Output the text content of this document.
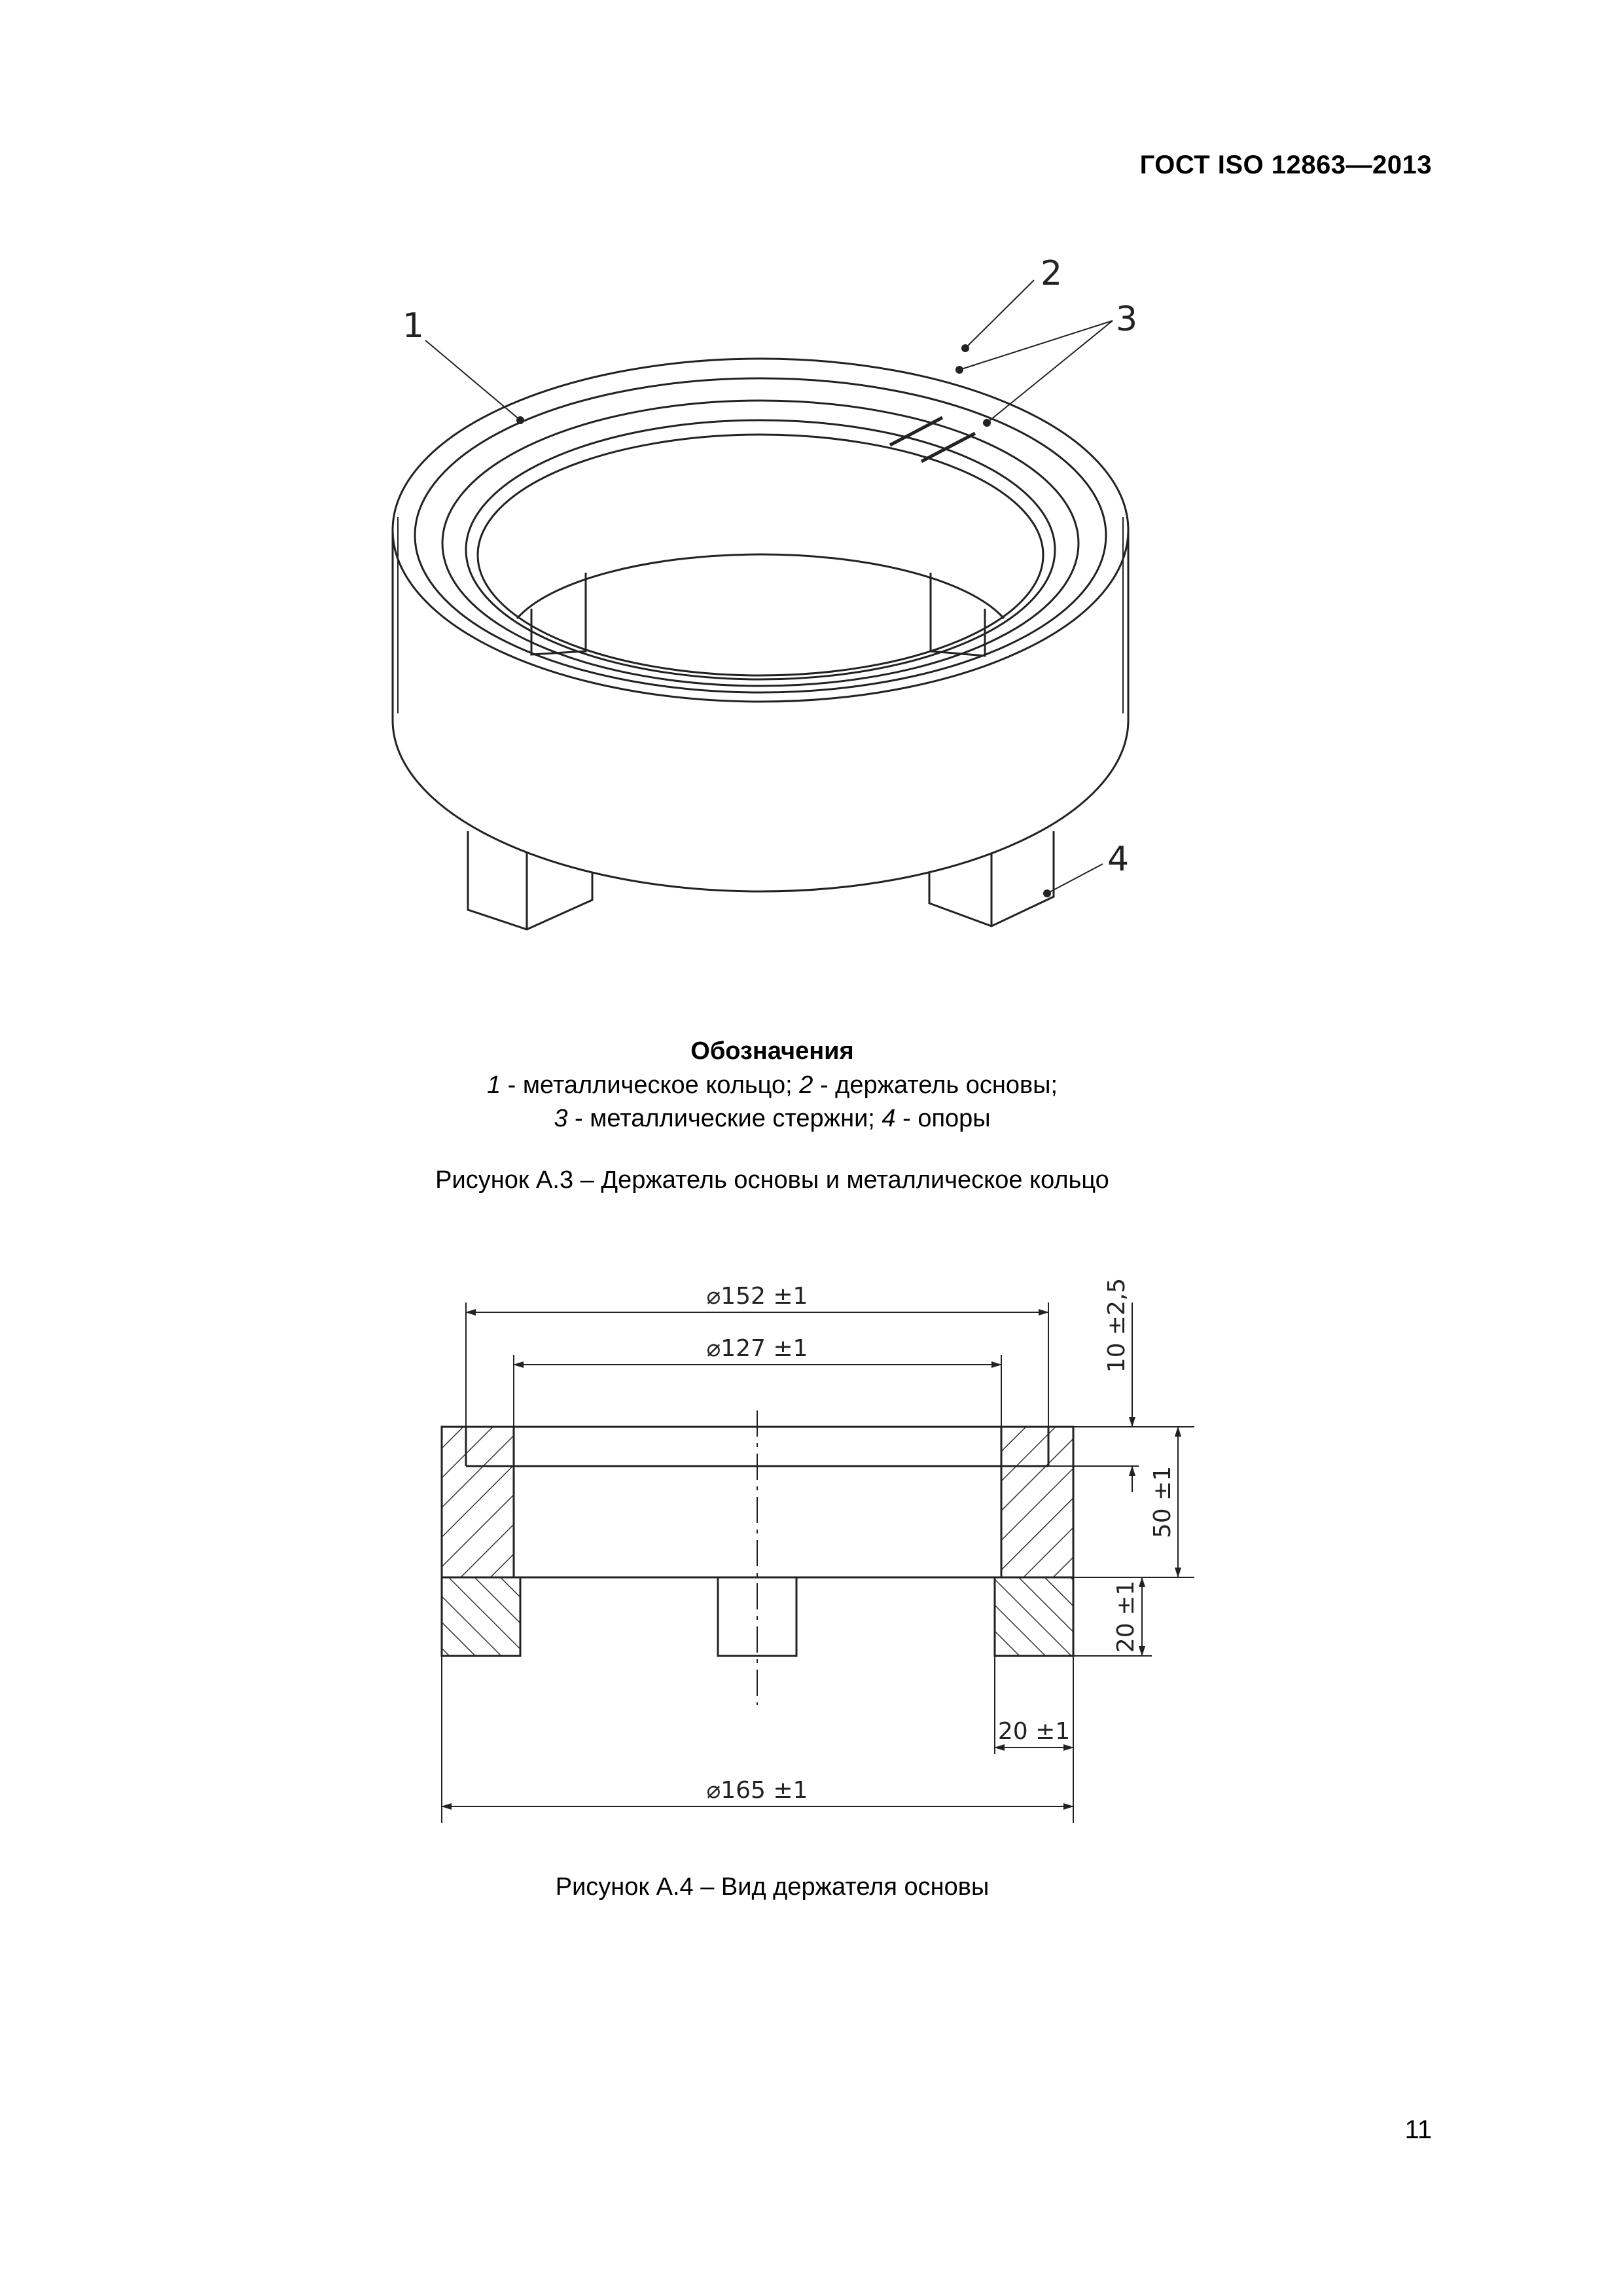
ГОСТ ISO 12863—2013
1
2
3
4
Обозначения
1 - металлическое кольцо; 2 - держатель основы;
3 - металлические стержни; 4 - опоры
Рисунок А.3 – Держатель основы и металлическое кольцо
⌀152 ±1
⌀127 ±1
⌀165 ±1
20 ±1
10 ±2,5
50 ±1
20 ±1
Рисунок А.4 – Вид держателя основы
11
